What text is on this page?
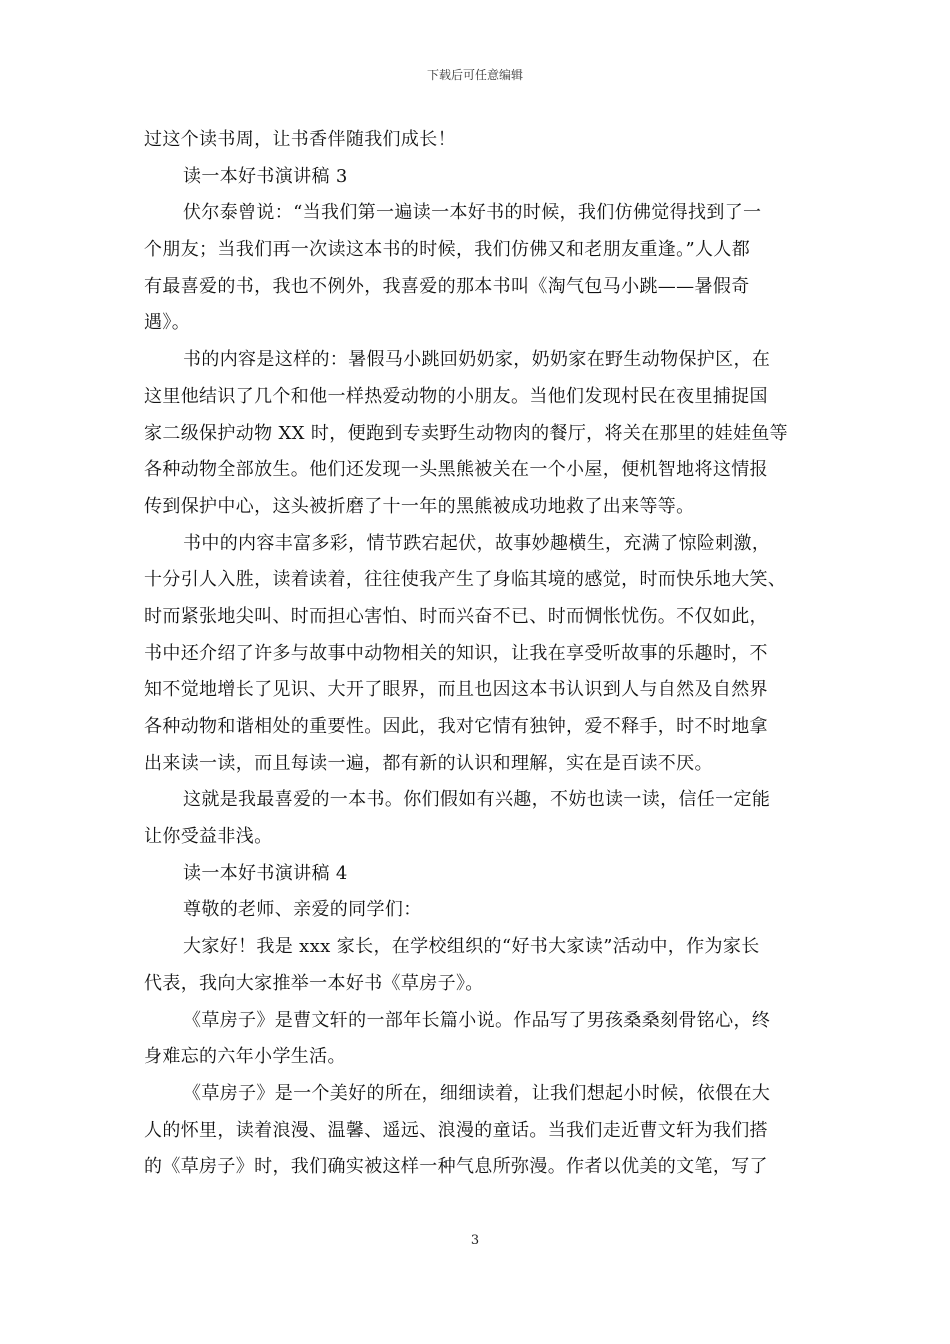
下载后可任意编辑
过这个读书周，让书香伴随我们成长！
读一本好书演讲稿 3
伏尔泰曾说：“当我们第一遍读一本好书的时候，我们仿佛觉得找到了一
个朋友；当我们再一次读这本书的时候，我们仿佛又和老朋友重逢。”人人都
有最喜爱的书，我也不例外，我喜爱的那本书叫《淘气包马小跳——暑假奇
遇》。
书的内容是这样的：暑假马小跳回奶奶家，奶奶家在野生动物保护区，在
这里他结识了几个和他一样热爱动物的小朋友。当他们发现村民在夜里捕捉国
家二级保护动物 XX 时，便跑到专卖野生动物肉的餐厅，将关在那里的娃娃鱼等
各种动物全部放生。他们还发现一头黑熊被关在一个小屋，便机智地将这情报
传到保护中心，这头被折磨了十一年的黑熊被成功地救了出来等等。
书中的内容丰富多彩，情节跌宕起伏，故事妙趣横生，充满了惊险刺激，
十分引人入胜，读着读着，往往使我产生了身临其境的感觉，时而快乐地大笑、
时而紧张地尖叫、时而担心害怕、时而兴奋不已、时而惆怅忧伤。不仅如此，
书中还介绍了许多与故事中动物相关的知识，让我在享受听故事的乐趣时，不
知不觉地增长了见识、大开了眼界，而且也因这本书认识到人与自然及自然界
各种动物和谐相处的重要性。因此，我对它情有独钟，爱不释手，时不时地拿
出来读一读，而且每读一遍，都有新的认识和理解，实在是百读不厌。
这就是我最喜爱的一本书。你们假如有兴趣，不妨也读一读，信任一定能
让你受益非浅。
读一本好书演讲稿 4
尊敬的老师、亲爱的同学们：
大家好！我是 xxx 家长，在学校组织的“好书大家读”活动中，作为家长
代表，我向大家推举一本好书《草房子》。
《草房子》是曹文轩的一部年长篇小说。作品写了男孩桑桑刻骨铭心，终
身难忘的六年小学生活。
《草房子》是一个美好的所在，细细读着，让我们想起小时候，依偎在大
人的怀里，读着浪漫、温馨、遥远、浪漫的童话。当我们走近曹文轩为我们搭
的《草房子》时，我们确实被这样一种气息所弥漫。作者以优美的文笔，写了
3
